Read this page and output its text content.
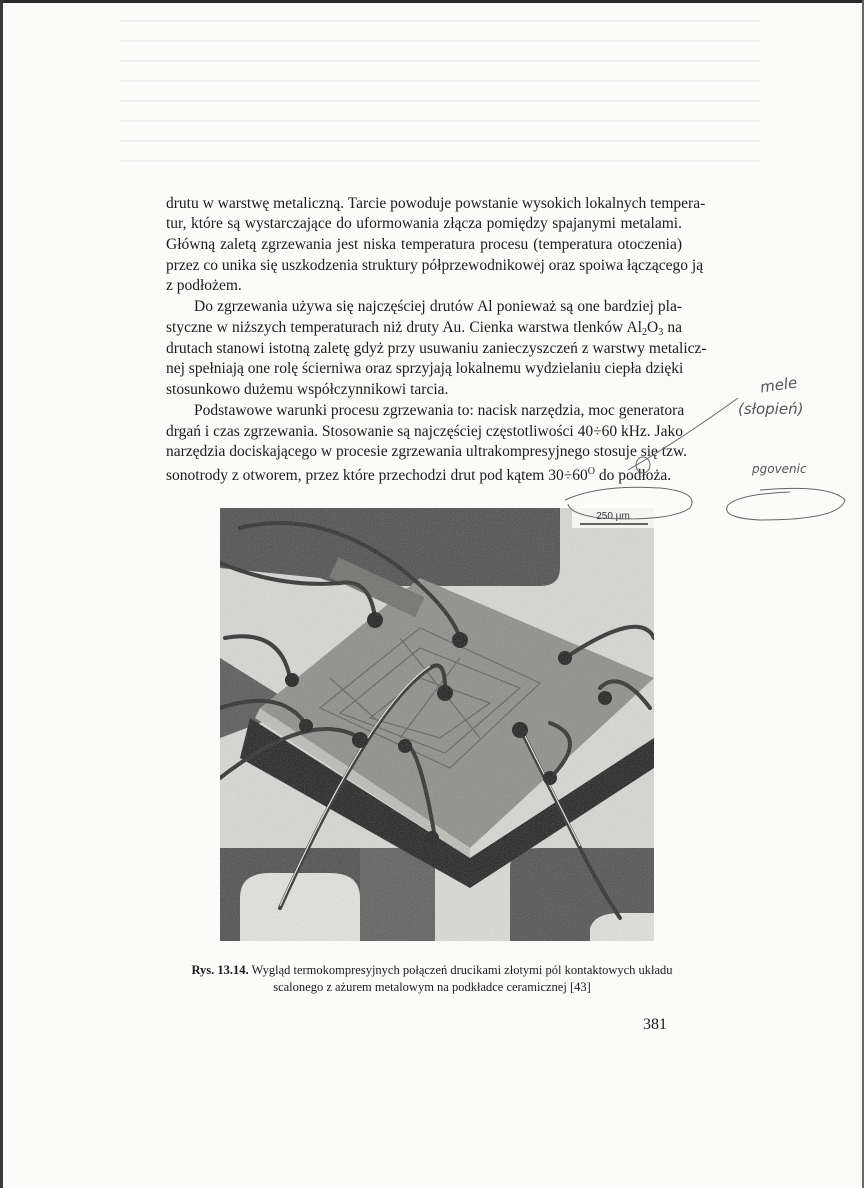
drutu w warstwę metaliczną. Tarcie powoduje powstanie wysokich lokalnych tempera-
tur, które są wystarczające do uformowania złącza pomiędzy spajanymi metalami.
Główną zaletą zgrzewania jest niska temperatura procesu (temperatura otoczenia)
przez co unika się uszkodzenia struktury półprzewodnikowej oraz spoiwa łączącego ją
z podłożem.
Do zgrzewania używa się najczęściej drutów Al ponieważ są one bardziej pla-
styczne w niższych temperaturach niż druty Au. Cienka warstwa tlenków $Al_2O_3$ na
drutach stanowi istotną zaletę gdyż przy usuwaniu zanieczyszczeń z warstwy metalicz-
nej spełniają one rolę ścierniwa oraz sprzyjają lokalnemu wydzielaniu ciepła dzięki
stosunkowo dużemu współczynnikowi tarcia.
Podstawowe warunki procesu zgrzewania to: nacisk narzędzia, moc generatora
drgań i czas zgrzewania. Stosowanie są najczęściej częstotliwości 40÷60 kHz. Jako
narzędzia dociskającego w procesie zgrzewania ultrakompresyjnego stosuje się tzw.
sonotrody z otworem, przez które przechodzi drut pod kątem $30\div 60^O$ do podłoża.
250 μm
Rys. 13.14. Wygląd termokompresyjnych połączeń drucikami złotymi pól kontaktowych układu
scalonego z ażurem metalowym na podkładce ceramicznej [43]
381
mele
(słopień)
pgovenic
